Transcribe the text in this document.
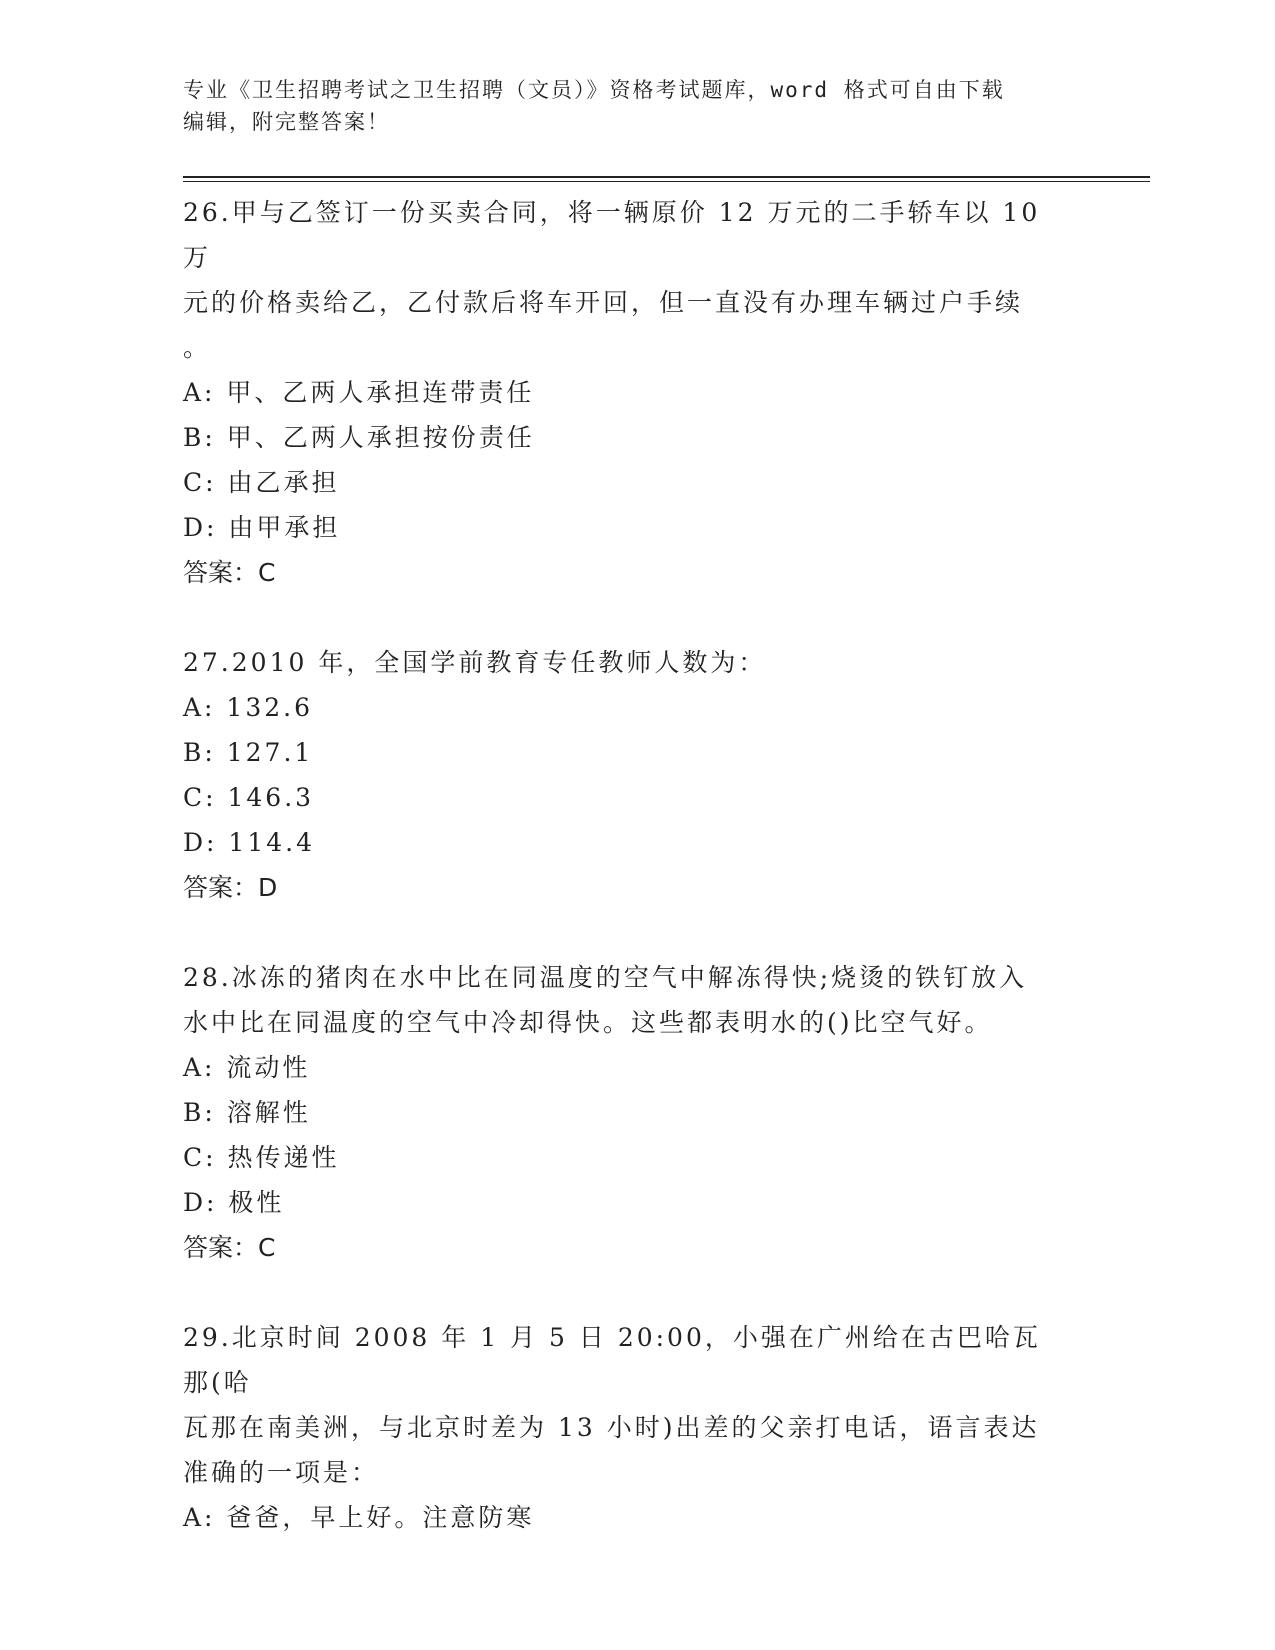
专业《卫生招聘考试之卫生招聘（文员）》资格考试题库，word 格式可自由下载
编辑，附完整答案！
26.甲与乙签订一份买卖合同，将一辆原价 12 万元的二手轿车以 10 万
元的价格卖给乙，乙付款后将车开回，但一直没有办理车辆过户手续
。
A: 甲、乙两人承担连带责任
B: 甲、乙两人承担按份责任
C: 由乙承担
D: 由甲承担
答案：C
27.2010 年，全国学前教育专任教师人数为：
A: 132.6
B: 127.1
C: 146.3
D: 114.4
答案：D
28.冰冻的猪肉在水中比在同温度的空气中解冻得快;烧烫的铁钉放入
水中比在同温度的空气中冷却得快。这些都表明水的()比空气好。
A: 流动性
B: 溶解性
C: 热传递性
D: 极性
答案：C
29.北京时间 2008 年 1 月 5 日 20:00，小强在广州给在古巴哈瓦那(哈
瓦那在南美洲，与北京时差为 13 小时)出差的父亲打电话，语言表达
准确的一项是：
A: 爸爸，早上好。注意防寒
